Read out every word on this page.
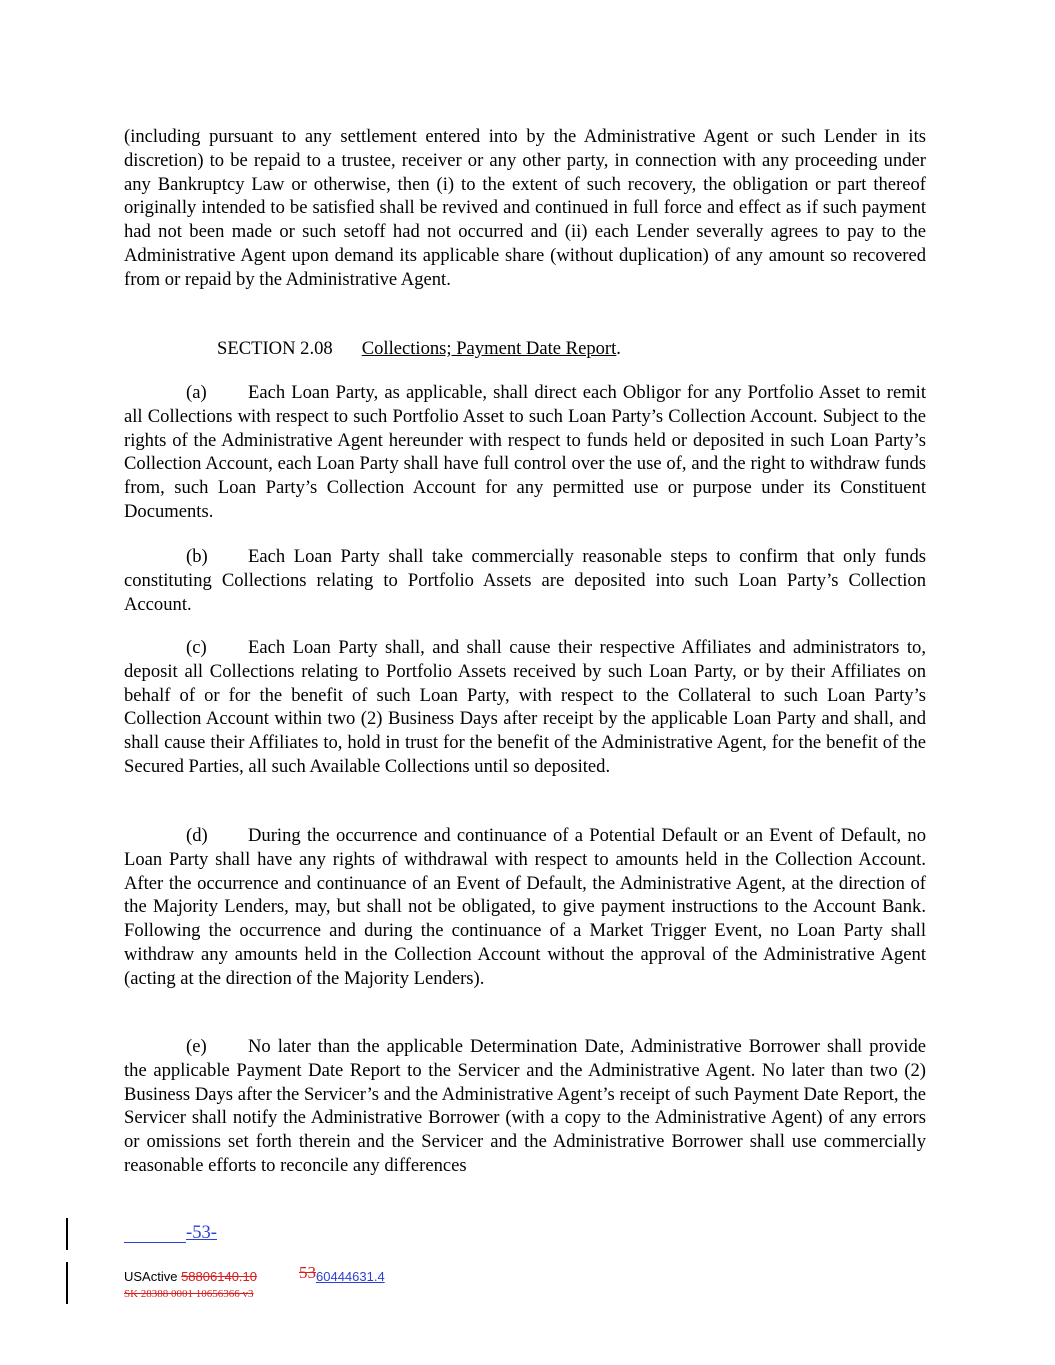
(including pursuant to any settlement entered into by the Administrative Agent or such Lender in its discretion) to be repaid to a trustee, receiver or any other party, in connection with any proceeding under any Bankruptcy Law or otherwise, then (i) to the extent of such recovery, the obligation or part thereof originally intended to be satisfied shall be revived and continued in full force and effect as if such payment had not been made or such setoff had not occurred and (ii) each Lender severally agrees to pay to the Administrative Agent upon demand its applicable share (without duplication) of any amount so recovered from or repaid by the Administrative Agent.

SECTION 2.08 Collections; Payment Date Report.

(a) Each Loan Party, as applicable, shall direct each Obligor for any Portfolio Asset to remit all Collections with respect to such Portfolio Asset to such Loan Party’s Collection Account. Subject to the rights of the Administrative Agent hereunder with respect to funds held or deposited in such Loan Party’s Collection Account, each Loan Party shall have full control over the use of, and the right to withdraw funds from, such Loan Party’s Collection Account for any permitted use or purpose under its Constituent Documents.

(b) Each Loan Party shall take commercially reasonable steps to confirm that only funds constituting Collections relating to Portfolio Assets are deposited into such Loan Party’s Collection Account.

(c) Each Loan Party shall, and shall cause their respective Affiliates and administrators to, deposit all Collections relating to Portfolio Assets received by such Loan Party, or by their Affiliates on behalf of or for the benefit of such Loan Party, with respect to the Collateral to such Loan Party’s Collection Account within two (2) Business Days after receipt by the applicable Loan Party and shall, and shall cause their Affiliates to, hold in trust for the benefit of the Administrative Agent, for the benefit of the Secured Parties, all such Available Collections until so deposited.

(d) During the occurrence and continuance of a Potential Default or an Event of Default, no Loan Party shall have any rights of withdrawal with respect to amounts held in the Collection Account. After the occurrence and continuance of an Event of Default, the Administrative Agent, at the direction of the Majority Lenders, may, but shall not be obligated, to give payment instructions to the Account Bank. Following the occurrence and during the continuance of a Market Trigger Event, no Loan Party shall withdraw any amounts held in the Collection Account without the approval of the Administrative Agent (acting at the direction of the Majority Lenders).

(e) No later than the applicable Determination Date, Administrative Borrower shall provide the applicable Payment Date Report to the Servicer and the Administrative Agent. No later than two (2) Business Days after the Servicer’s and the Administrative Agent’s receipt of such Payment Date Report, the Servicer shall notify the Administrative Borrower (with a copy to the Administrative Agent) of any errors or omissions set forth therein and the Servicer and the Administrative Borrower shall use commercially reasonable efforts to reconcile any differences

-53-
USActive 58806140.10 5360444631.4
SK 28388 0001 10656366 v3
